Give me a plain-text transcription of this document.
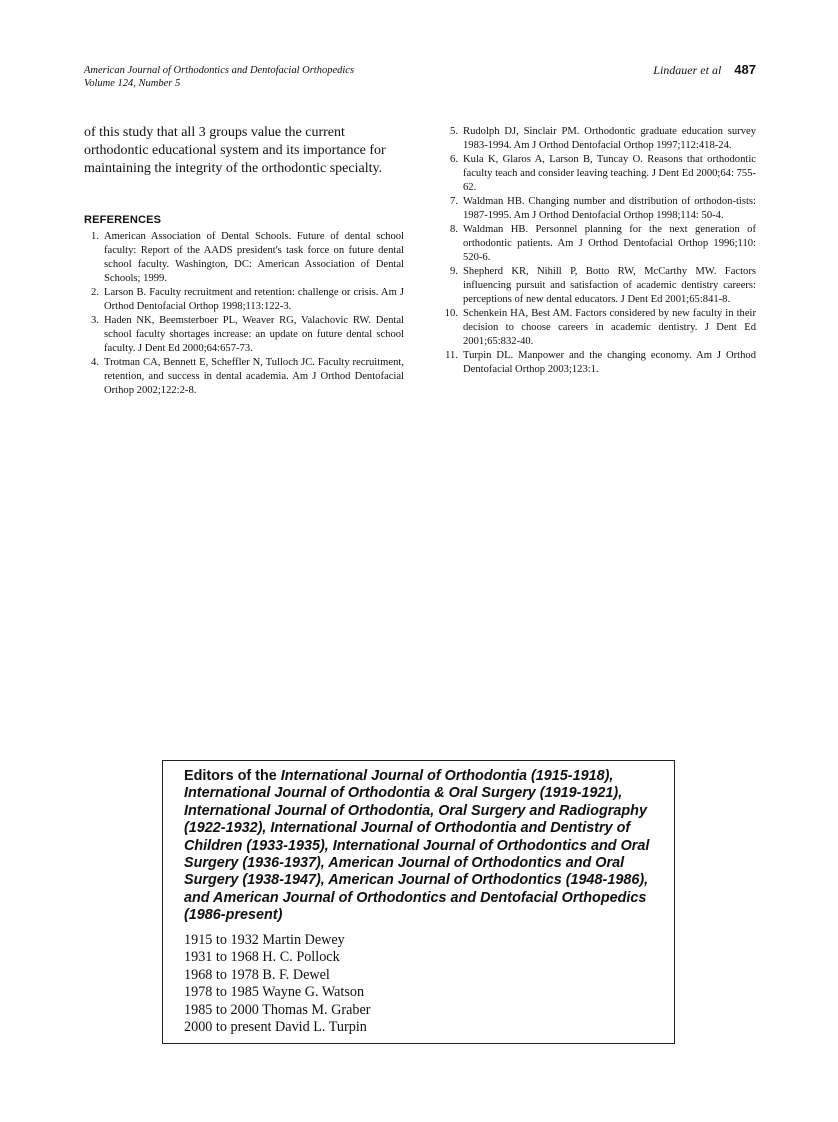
American Journal of Orthodontics and Dentofacial Orthopedics
Volume 124, Number 5
Lindauer et al 487

of this study that all 3 groups value the current orthodontic educational system and its importance for maintaining the integrity of the orthodontic specialty.

REFERENCES
1. American Association of Dental Schools. Future of dental school faculty: Report of the AADS president's task force on future dental school faculty. Washington, DC: American Association of Dental Schools; 1999.
2. Larson B. Faculty recruitment and retention: challenge or crisis. Am J Orthod Dentofacial Orthop 1998;113:122-3.
3. Haden NK, Beemsterboer PL, Weaver RG, Valachovic RW. Dental school faculty shortages increase: an update on future dental school faculty. J Dent Ed 2000;64:657-73.
4. Trotman CA, Bennett E, Scheffler N, Tulloch JC. Faculty recruitment, retention, and success in dental academia. Am J Orthod Dentofacial Orthop 2002;122:2-8.
5. Rudolph DJ, Sinclair PM. Orthodontic graduate education survey 1983-1994. Am J Orthod Dentofacial Orthop 1997;112:418-24.
6. Kula K, Glaros A, Larson B, Tuncay O. Reasons that orthodontic faculty teach and consider leaving teaching. J Dent Ed 2000;64: 755-62.
7. Waldman HB. Changing number and distribution of orthodon-tists: 1987-1995. Am J Orthod Dentofacial Orthop 1998;114: 50-4.
8. Waldman HB. Personnel planning for the next generation of orthodontic patients. Am J Orthod Dentofacial Orthop 1996;110: 520-6.
9. Shepherd KR, Nihill P, Botto RW, McCarthy MW. Factors influencing pursuit and satisfaction of academic dentistry careers: perceptions of new dental educators. J Dent Ed 2001;65:841-8.
10. Schenkein HA, Best AM. Factors considered by new faculty in their decision to choose careers in academic dentistry. J Dent Ed 2001;65:832-40.
11. Turpin DL. Manpower and the changing economy. Am J Orthod Dentofacial Orthop 2003;123:1.
Editors of the International Journal of Orthodontia (1915-1918), International Journal of Orthodontia & Oral Surgery (1919-1921), International Journal of Orthodontia, Oral Surgery and Radiography (1922-1932), International Journal of Orthodontia and Dentistry of Children (1933-1935), International Journal of Orthodontics and Oral Surgery (1936-1937), American Journal of Orthodontics and Oral Surgery (1938-1947), American Journal of Orthodontics (1948-1986), and American Journal of Orthodontics and Dentofacial Orthopedics (1986-present)
1915 to 1932 Martin Dewey
1931 to 1968 H. C. Pollock
1968 to 1978 B. F. Dewel
1978 to 1985 Wayne G. Watson
1985 to 2000 Thomas M. Graber
2000 to present David L. Turpin
